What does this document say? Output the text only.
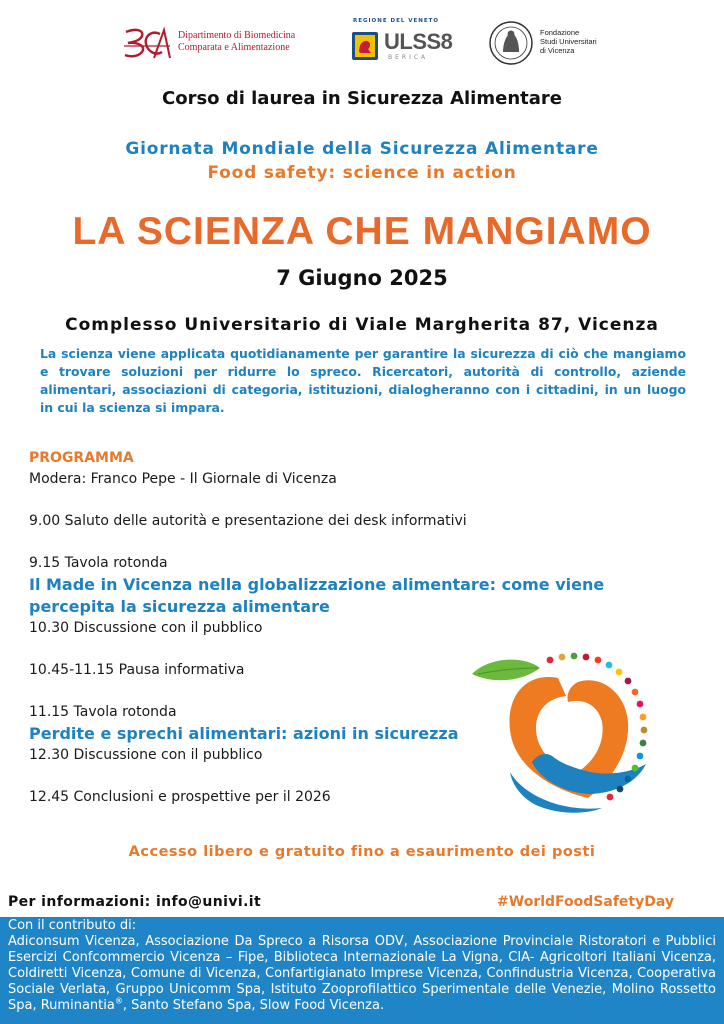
Dipartimento di Biomedicina
Comparata e Alimentazione
REGIONE DEL VENETO
ULSS8
BERICA
Fondazione
Studi Universitari
di Vicenza
Corso di laurea in Sicurezza Alimentare
Giornata Mondiale della Sicurezza Alimentare
Food safety: science in action
LA SCIENZA CHE MANGIAMO
7 Giugno 2025
Complesso Universitario di Viale Margherita 87, Vicenza
La scienza viene applicata quotidianamente per garantire la sicurezza di ciò che mangiamo e trovare soluzioni per ridurre lo spreco. Ricercatori, autorità di controllo, aziende alimentari, associazioni di categoria, istituzioni, dialogheranno con i cittadini, in un luogo in cui la scienza si impara.
PROGRAMMA
Modera: Franco Pepe - Il Giornale di Vicenza
9.00 Saluto delle autorità e presentazione dei desk informativi
9.15 Tavola rotonda
Il Made in Vicenza nella globalizzazione alimentare: come viene percepita la sicurezza alimentare
10.30 Discussione con il pubblico
10.45-11.15 Pausa informativa
11.15 Tavola rotonda
Perdite e sprechi alimentari: azioni in sicurezza
12.30 Discussione con il pubblico
12.45 Conclusioni e prospettive per il 2026
Accesso libero e gratuito fino a esaurimento dei posti
Per informazioni: info@univi.it	#WorldFoodSafetyDay
Con il contributo di:
Adiconsum Vicenza, Associazione Da Spreco a Risorsa ODV, Associazione Provinciale Ristoratori e Pubblici Esercizi Confcommercio Vicenza – Fipe, Biblioteca Internazionale La Vigna, CIA- Agricoltori Italiani Vicenza, Coldiretti Vicenza, Comune di Vicenza, Confartigianato Imprese Vicenza, Confindustria Vicenza, Cooperativa Sociale Verlata, Gruppo Unicomm Spa, Istituto Zooprofilattico Sperimentale delle Venezie, Molino Rossetto Spa, Ruminantia®, Santo Stefano Spa, Slow Food Vicenza.
